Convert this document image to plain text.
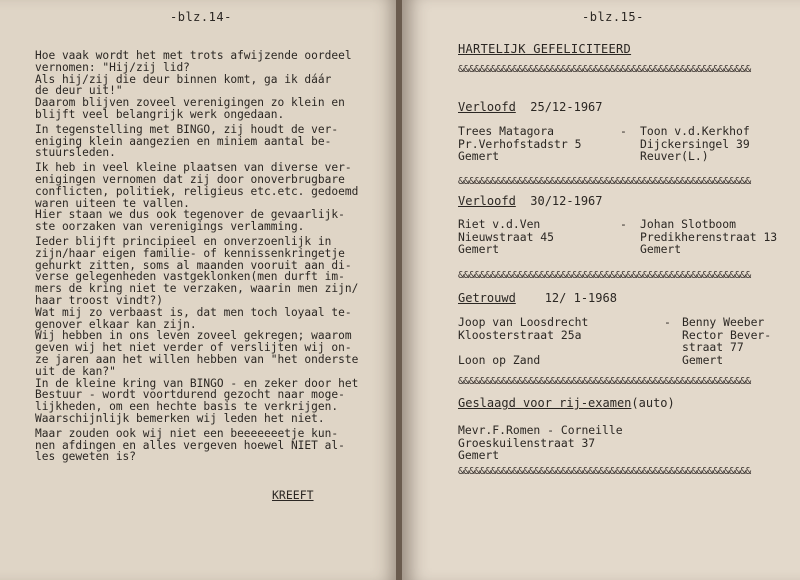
-blz.14-
Hoe vaak wordt het met trots afwijzende oordeel
vernomen: "Hij/zij lid?
Als hij/zij die deur binnen komt, ga ik dáár
de deur uit!"
Daarom blijven zoveel verenigingen zo klein en
blijft veel belangrijk werk ongedaan.
In tegenstelling met BINGO, zij houdt de ver-
eniging klein aangezien en miniem aantal be-
stuursleden.
Ik heb in veel kleine plaatsen van diverse ver-
enigingen vernomen dat zij door onoverbrugbare
conflicten, politiek, religieus etc.etc. gedoemd
waren uiteen te vallen.
Hier staan we dus ook tegenover de gevaarlijk-
ste oorzaken van verenigings verlamming.
Ieder blijft principieel en onverzoenlijk in
zijn/haar eigen familie- of kennissenkringetje
gehurkt zitten, soms al maanden vooruit aan di-
verse gelegenheden vastgeklonken(men durft im-
mers de kring niet te verzaken, waarin men zijn/
haar troost vindt?)
Wat mij zo verbaast is, dat men toch loyaal te-
genover elkaar kan zijn.
Wij hebben in ons leven zoveel gekregen; waarom
geven wij het niet verder of verslijten wij on-
ze jaren aan het willen hebben van "het onderste
uit de kan?"
In de kleine kring van BINGO - en zeker door het
Bestuur - wordt voortdurend gezocht naar moge-
lijkheden, om een hechte basis te verkrijgen.
Waarschijnlijk bemerken wij leden het niet.
Maar zouden ook wij niet een beeeeeeetje kun-
nen afdingen en alles vergeven hoewel NIET al-
les geweten is?
KREEFT
-blz.15-
HARTELIJK GEFELICITEERD
&&&&&&&&&&&&&&&&&&&&&&&&&&&&&&&&&&&&&&&&&&&&&&&&&&&&&&
Verloofd 25/12-1967
Trees Matagora
Pr.Verhofstadstr 5
Gemert
- Toon v.d.Kerkhof
Dijckersingel 39
Reuver(L.)
&&&&&&&&&&&&&&&&&&&&&&&&&&&&&&&&&&&&&&&&&&&&&&&&&&&&&&
Verloofd 30/12-1967
Riet v.d.Ven
Nieuwstraat 45
Gemert
- Johan Slotboom
Predikherenstraat 13
Gemert
&&&&&&&&&&&&&&&&&&&&&&&&&&&&&&&&&&&&&&&&&&&&&&&&&&&&&&
Getrouwd 12/ 1-1968
Joop van Loosdrecht
Kloosterstraat 25a

Loon op Zand
- Benny Weeber
Rector Bever-
straat 77
Gemert
&&&&&&&&&&&&&&&&&&&&&&&&&&&&&&&&&&&&&&&&&&&&&&&&&&&&&&
Geslaagd voor rij-examen(auto)
Mevr.F.Romen - Corneille
Groeskuilenstraat 37
Gemert
&&&&&&&&&&&&&&&&&&&&&&&&&&&&&&&&&&&&&&&&&&&&&&&&&&&&&&
